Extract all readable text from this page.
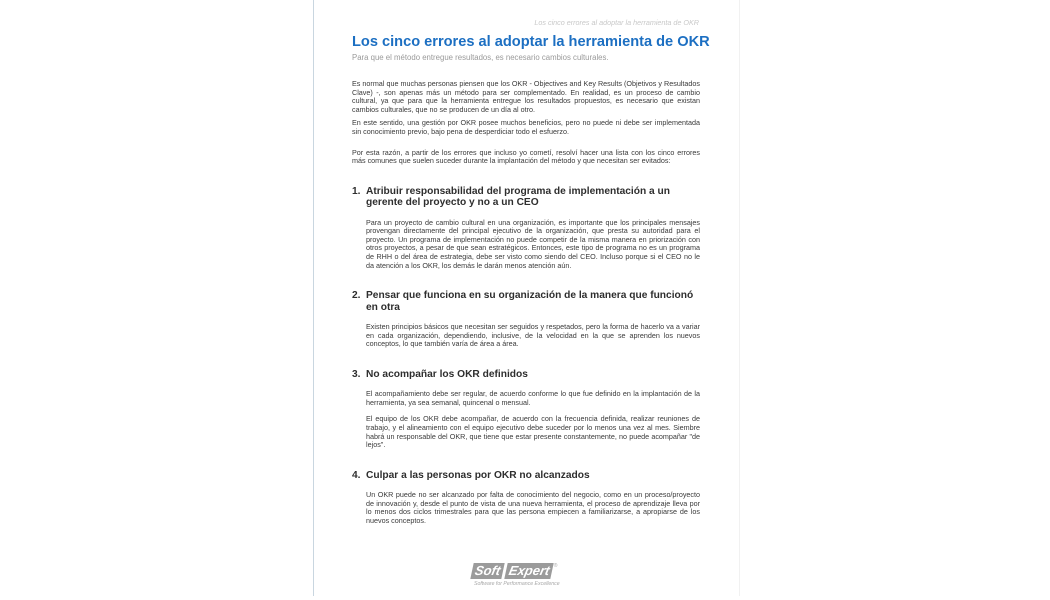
Los cinco errores al adoptar la herramienta de OKR
Los cinco errores al adoptar la herramienta de OKR
Para que el método entregue resultados, es necesario cambios culturales.

Es normal que muchas personas piensen que los OKR - Objectives and Key Results (Objetivos y Resultados Clave) -, son apenas más un método para ser complementado. En realidad, es un proceso de cambio cultural, ya que para que la herramienta entregue los resultados propuestos, es necesario que existan cambios culturales, que no se producen de un día al otro.

En este sentido, una gestión por OKR posee muchos beneficios, pero no puede ni debe ser implementada sin conocimiento previo, bajo pena de desperdiciar todo el esfuerzo.

Por esta razón, a partir de los errores que incluso yo cometí, resolví hacer una lista con los cinco errores más comunes que suelen suceder durante la implantación del método y que necesitan ser evitados:

1. Atribuir responsabilidad del programa de implementación a un gerente del proyecto y no a un CEO

Para un proyecto de cambio cultural en una organización, es importante que los principales mensajes provengan directamente del principal ejecutivo de la organización, que presta su autoridad para el proyecto. Un programa de implementación no puede competir de la misma manera en priorización con otros proyectos, a pesar de que sean estratégicos. Entonces, este tipo de programa no es un programa de RHH o del área de estrategia, debe ser visto como siendo del CEO. Incluso porque si el CEO no le da atención a los OKR, los demás le darán menos atención aún.

2. Pensar que funciona en su organización de la manera que funcionó en otra

Existen principios básicos que necesitan ser seguidos y respetados, pero la forma de hacerlo va a variar en cada organización, dependiendo, inclusive, de la velocidad en la que se aprenden los nuevos conceptos, lo que también varía de área a área.

3. No acompañar los OKR definidos

El acompañamiento debe ser regular, de acuerdo conforme lo que fue definido en la implantación de la herramienta, ya sea semanal, quincenal o mensual.

El equipo de los OKR debe acompañar, de acuerdo con la frecuencia definida, realizar reuniones de trabajo, y el alineamiento con el equipo ejecutivo debe suceder por lo menos una vez al mes. Siembre habrá un responsable del OKR, que tiene que estar presente constantemente, no puede acompañar "de lejos".

4. Culpar a las personas por OKR no alcanzados

Un OKR puede no ser alcanzado por falta de conocimiento del negocio, como en un proceso/proyecto de innovación y, desde el punto de vista de una nueva herramienta, el proceso de aprendizaje lleva por lo menos dos ciclos trimestrales para que las persona empiecen a familiarizarse, a apropiarse de los nuevos conceptos.

Soft Expert ®
Software for Performance Excellence
